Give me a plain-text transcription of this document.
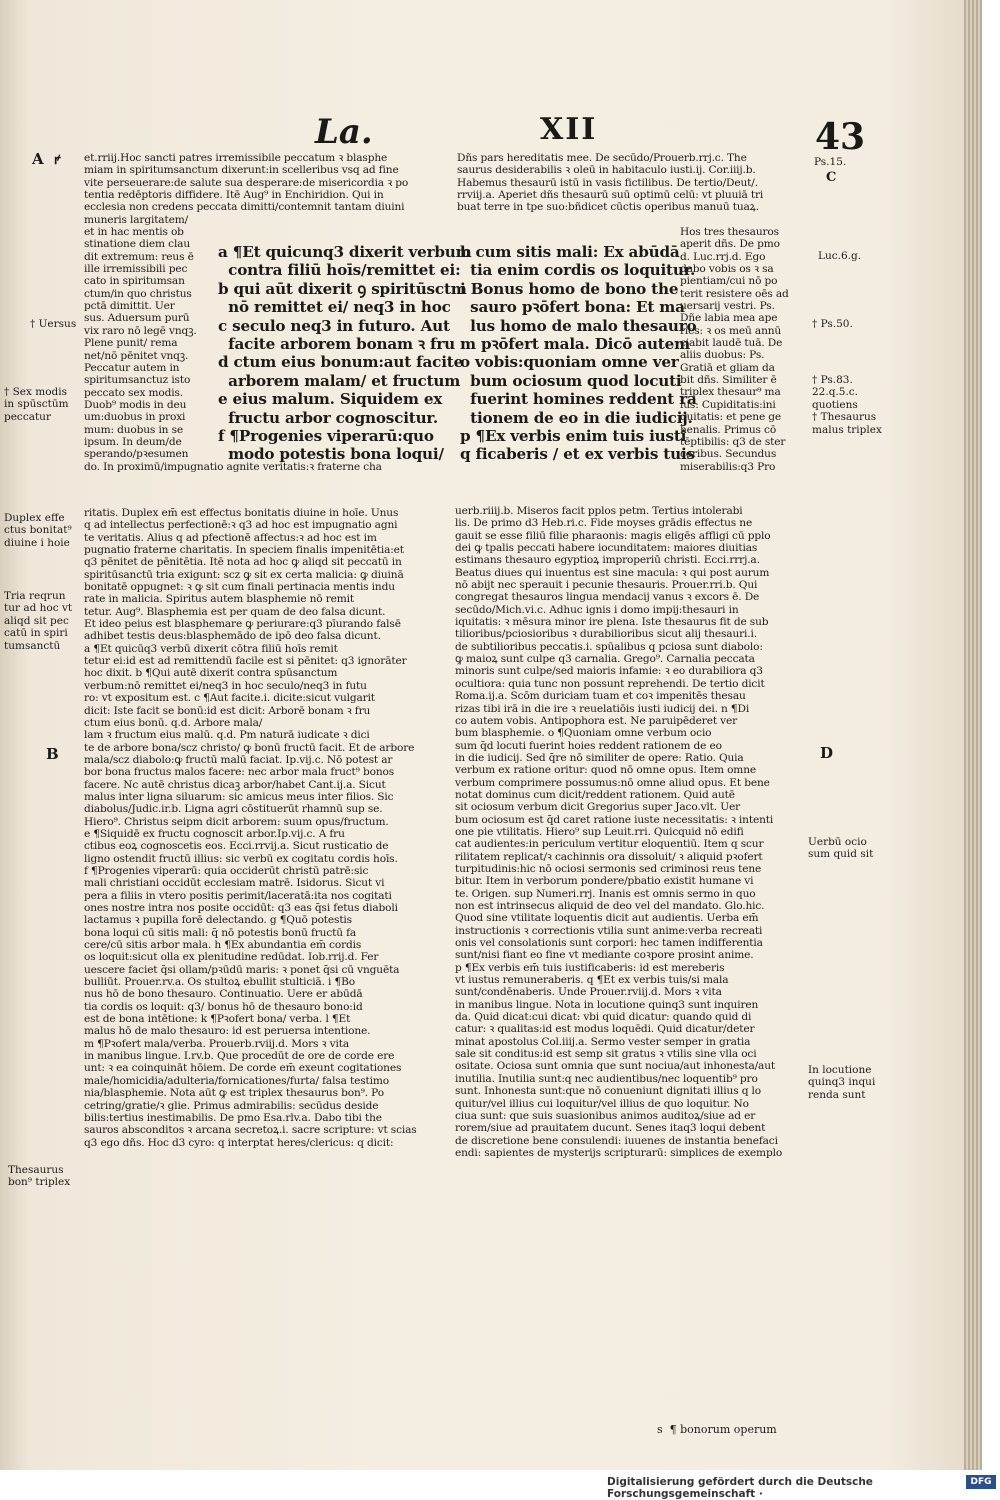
La.	XII	43
A ꝵ et.rriij.Hoc sancti patres irremissibile peccatum ꝛ blasphe
miam in spiritumsanctum dixerunt:in scelleribus vsq ad fine
vite perseuerare:de salute sua desperare:de misericordia ꝛ po
tentia redēptoris diffidere. Itē Aug⁹ in Enchiridion. Qui in
ecclesia non credens peccata dimitti/contemnit tantam diuini
muneris largitatem/
et in hac mentis ob
stinatione diem clau
dit extremum: reus ē
ille irremissibili pec
cato in spiritumsan
ctum/in quo christus
pctā dimittit. Uer
sus. Aduersum purū
vix raro nō legē vnqꝫ.
Plene punit/ rema
net/nō pēnitet vnqꝫ.
Peccatur autem in
spiritumsanctuz isto
peccato sex modis.
Duob⁹ modis in deu
um:duobus in proxi
mum: duobus in se
ipsum. In deum/de
sperando/pꝛesumen
do. In proximū/impugnatio agnite veritatis:ꝛ fraterne cha
a ¶Et quicunq3 dixerit verbum
contra filiū hoīs/remittet ei:
b qui aūt dixerit ꝯ spiritūsctm
nō remittet ei/ neq3 in hoc
c seculo neq3 in futuro. Aut
facite arborem bonam ꝛ fru
d ctum eius bonum:aut facite
arborem malam/ et fructum
e eius malum. Siquidem ex
fructu arbor cognoscitur.
f ¶Progenies viperarū:quo
modo potestis bona loqui/
b cum sitis mali: Ex abūdā
tia enim cordis os loquitur.
i Bonus homo de bono the
sauro pꝛōfert bona: Et ma
lus homo de malo thesauro
m pꝛōfert mala. Dicō autem
o vobis:quoniam omne ver
bum ociosum quod locuti
fuerint homines reddent ra
tionem de eo in die iudicij.
p ¶Ex verbis enim tuis iusti
q ficaberis / et ex verbis tuis
Dñs pars hereditatis mee. De secūdo/Prouerb.rrj.c. The
saurus desiderabilis ꝛ oleū in habitaculo iusti.ij. Cor.iiij.b.
Habemus thesaurū istū in vasis fictilibus. De tertio/Deut/.
rrviij.a. Aperiet dñs thesaurū suū optimū celū: vt pluuiā tri
buat terre in tpe suo:bñdicet cūctis operibus manuū tuaꝝ.
Hos tres thesauros
aperit dñs. De pmo
d. Luc.rrj.d. Ego
dabo vobis os ꝛ sa
pientiam/cui nō po
terit resistere oēs ad
uersarij vestri. Ps.
Dñe labia mea ape
ries: ꝛ os meū annū
ciabit laudē tuā. De
aliis duobus: Ps.
Gratiā et gliam da
bit dñs. Similiter ē
triplex thesaur⁹ ma
lus: Cupiditatis:ini
quitatis: et pene ge
henalis. Primus cō
tēptibilis: q3 de ster
coribus. Secundus
miserabilis:q3 Pro
ritatis. Duplex em̄ est effectus bonitatis diuine in hoīe. Unus
q ad intellectus perfectionē:ꝛ q3 ad hoc est impugnatio agni
te veritatis. Alius q ad pfectionē affectus:ꝛ ad hoc est im
pugnatio fraterne charitatis. In speciem finalis impenitētia:et
q3 pēnitet de pēnitētia. Itē nota ad hoc ꝙ aliqd sit peccatū in
spiritūsanctū tria exigunt: scz ꝙ sit ex certa malicia: ꝙ diuinā
bonitatē oppugnet: ꝛ ꝙ sit cum finali pertinacia mentis indu
rate in malicia. Spiritus autem blasphemie nō remit
tetur. Aug⁹. Blasphemia est per quam de deo falsa dicunt.
Et ideo peius est blasphemare ꝙ periurare:q3 pīurando falsē
adhibet testis deus:blasphemādo de ipō deo falsa dicunt.
a ¶Et quicūq3 verbū dixerit cōtra filiū hoīs remit
tetur ei:id est ad remittendū facile est si pēnitet: q3 ignorāter
hoc dixit. b ¶Qui autē dixerit contra spūsanctum
verbum:nō remittet ei/neq3 in hoc seculo/neq3 in futu
ro: vt expositum est. c ¶Aut facite.i. dicite:sicut vulgarit
dicit: Iste facit se bonū:id est dicit: Arborē bonam ꝛ fru
ctum eius bonū. q.d. Arbore mala/
lam ꝛ fructum eius malū. q.d. Pm naturā iudicate ꝛ dici
te de arbore bona/scz christo/ ꝙ bonū fructū facit. Et de arbore
mala/scz diabolo:ꝙ fructū malū faciat. Ip.vij.c. Nō potest ar
bor bona fructus malos facere: nec arbor mala fruct⁹ bonos
facere. Nc autē christus dicaꝫ arbor/habet Cant.ij.a. Sicut
malus inter ligna siluarum: sic amicus meus inter filios. Sic
diabolus/Judic.ir.b. Ligna agri cōstituerūt rhamnū sup se.
Hiero⁹. Christus seipm dicit arborem: suum opus/fructum.
e ¶Siquidē ex fructu cognoscit arbor.Ip.vij.c. A fru
ctibus eoꝝ cognoscetis eos. Ecci.rrvij.a. Sicut rusticatio de
ligno ostendit fructū illius: sic verbū ex cogitatu cordis hoīs.
f ¶Progenies viperarū: quia occiderūt christū patrē:sic
mali christiani occidūt ecclesiam matrē. Isidorus. Sicut vi
pera a filiis in vtero positis perimit/laceratā:ita nos cogitati
ones nostre intra nos posite occidūt: q3 eas q̄si fetus diaboli
lactamus ꝛ pupilla forē delectando. g ¶Quō potestis
bona loqui cū sitis mali: q̄ nō potestis bonū fructū fa
cere/cū sitis arbor mala. h ¶Ex abundantia em̄ cordis
os loquit:sicut olla ex plenitudine redūdat. Iob.rrij.d. Fer
uescere faciet q̄si ollam/pꝛūdū maris: ꝛ ponet q̄si cū vnguēta
bulliūt. Prouer.rv.a. Os stultoꝝ ebullit stulticiā. i ¶Bo
nus hō de bono thesauro. Continuatio. Uere er abūdā
tia cordis os loquit: q3/ bonus hō de thesauro bono:id
est de bona intētione: k ¶Pꝛofert bona/ verba. l ¶Et
malus hō de malo thesauro: id est peruersa intentione.
m ¶Pꝛofert mala/verba. Prouerb.rviij.d. Mors ꝛ vita
in manibus lingue. I.rv.b. Que procedūt de ore de corde ere
unt: ꝛ ea coinquināt hōiem. De corde em̄ exeunt cogitationes
male/homicidia/adulteria/fornicationes/furta/ falsa testimo
nia/blasphemie. Nota aūt ꝙ est triplex thesaurus bon⁹. Po
cetring/gratie/ꝛ glie. Primus admirabilis: secūdus deside
bilis:tertius inestimabilis. De pmo Esa.rlv.a. Dabo tibi the
sauros absconditos ꝛ arcana secretoꝝ.i. sacre scripture: vt scias
q3 ego dñs. Hoc d3 cyro: q interptat heres/clericus: q dicit:
uerb.riiij.b. Miseros facit pplos petm. Tertius intolerabi
lis. De primo d3 Heb.ri.c. Fide moyses grādis effectus ne
gauit se esse filiū filie pharaonis: magis eligēs affligi cū pplo
dei ꝙ tpalis peccati habere iocunditatem: maiores diuitias
estimans thesauro egyptioꝝ improperiū christi. Ecci.rrrj.a.
Beatus diues qui inuentus est sine macula: ꝛ qui post aurum
nō abijt nec sperauit i pecunie thesauris. Prouer.rri.b. Qui
congregat thesauros lingua mendacij vanus ꝛ excors ē. De
secūdo/Mich.vi.c. Adhuc ignis i domo impij:thesauri in
iquitatis: ꝛ mēsura minor ire plena. Iste thesaurus fit de sub
tilioribus/pciosioribus ꝛ durabilioribus sicut alij thesauri.i.
de subtilioribus peccatis.i. spūalibus q pciosa sunt diabolo:
ꝙ maioꝝ sunt culpe q3 carnalia. Grego⁹. Carnalia peccata
minoris sunt culpe/sed maioris infamie: ꝛ eo durabiliora q3
ocultiora: quia tunc non possunt reprehendi. De tertio dicit
Roma.ij.a. Scōm duriciam tuam et coꝛ impenitēs thesau
rizas tibi irā in die ire ꝛ reuelatiōis iusti iudicij dei. n ¶Di
co autem vobis. Antipophora est. Ne paruipēderet ver
bum blasphemie. o ¶Quoniam omne verbum ocio
sum q̄d locuti fuerint hoies reddent rationem de eo
in die iudicij. Sed q̄re nō similiter de opere: Ratio. Quia
verbum ex ratione oritur: quod nō omne opus. Item omne
verbum comprimere possumus:nō omne aliud opus. Et bene
notat dominus cum dicit/reddent rationem. Quid autē
sit ociosum verbum dicit Gregorius super Jaco.vlt. Uer
bum ociosum est q̄d caret ratione iuste necessitatis: ꝛ intenti
one pie vtilitatis. Hiero⁹ sup Leuit.rri. Quicquid nō edifi
cat audientes:in periculum vertitur eloquentiū. Item q scur
rilitatem replicat/ꝛ cachinnis ora dissoluit/ ꝛ aliquid pꝛofert
turpitudinis:hic nō ociosi sermonis sed criminosi reus tene
bitur. Item in verborum pondere/pbatio existit humane vi
te. Origen. sup Numeri.rrj. Inanis est omnis sermo in quo
non est intrinsecus aliquid de deo vel del mandato. Glo.hic.
Quod sine vtilitate loquentis dicit aut audientis. Uerba em̄
instructionis ꝛ correctionis vtilia sunt anime:verba recreati
onis vel consolationis sunt corpori: hec tamen indifferentia
sunt/nisi fiant eo fine vt mediante coꝛpore prosint anime.
p ¶Ex verbis em̄ tuis iustificaberis: id est mereberis
vt iustus remuneraberis. q ¶Et ex verbis tuis/si mala
sunt/condēnaberis. Unde Prouer.rviij.d. Mors ꝛ vita
in manibus lingue. Nota in locutione quinq3 sunt inquiren
da. Quid dicat:cui dicat: vbi quid dicatur: quando quid di
catur: ꝛ qualitas:id est modus loquēdi. Quid dicatur/deter
minat apostolus Col.iiij.a. Sermo vester semper in gratia
sale sit conditus:id est semp sit gratus ꝛ vtilis sine vlla oci
ositate. Ociosa sunt omnia que sunt nociua/aut inhonesta/aut
inutilia. Inutilia sunt:q nec audientibus/nec loquentib⁹ pro
sunt. Inhonesta sunt:que nō conueniunt dignitati illius q lo
quitur/vel illius cui loquitur/vel illius de quo loquitur. No
ciua sunt: que suis suasionibus animos auditoꝝ/siue ad er
rorem/siue ad prauitatem ducunt. Senes itaq3 loqui debent
de discretione bene consulendi: iuuenes de instantia benefaci
endi: sapientes de mysterijs scripturarū: simplices de exemplo
s  ¶ bonorum operum
† Uersus
† Sex modis
in spūsctūm
peccatur
Duplex effe
ctus bonitat⁹
diuine i hoie
Tria reqrun
tur ad hoc vt
aliqd sit pec
catū in spiri
tumsanctū
B
Thesaurus
bon⁹ triplex
Ps.15.
C
Luc.6.g.
† Ps.50.
† Ps.83.
22.q.5.c.
quotiens
† Thesaurus
malus triplex
D
Uerbū ocio
sum quid sit
In locutione
quinq3 inqui
renda sunt
Digitalisierung gefördert durch die Deutsche Forschungsgemeinschaft ·
DFG
